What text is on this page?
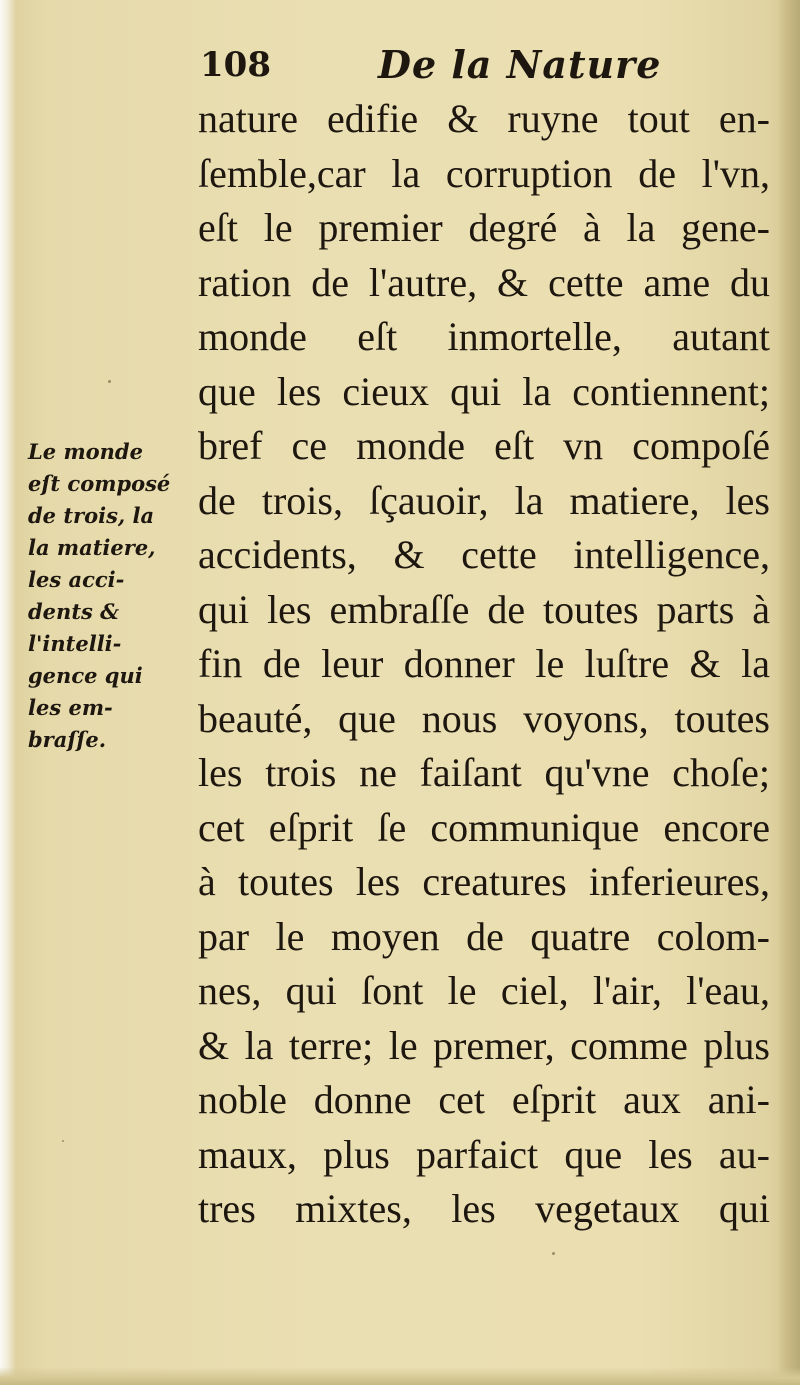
108	De la Nature
nature edifie & ruyne tout en-
ſemble,car la corruption de l'vn,
eſt le premier degré à la gene-
ration de l'autre, & cette ame du
monde eſt inmortelle, autant
que les cieux qui la contiennent;
bref ce monde eſt vn compoſé
de trois, ſçauoir, la matiere, les
accidents, & cette intelligence,
qui les embraſſe de toutes parts à
fin de leur donner le luſtre & la
beauté, que nous voyons, toutes
les trois ne faiſant qu'vne choſe;
cet eſprit ſe communique encore
à toutes les creatures inferieures,
par le moyen de quatre colom-
nes, qui ſont le ciel, l'air, l'eau,
& la terre; le premer, comme plus
noble donne cet eſprit aux ani-
maux, plus parfaict que les au-
tres mixtes, les vegetaux qui
Le monde
eſt composé
de trois, la
la matiere,
les acci-
dents &
l'intelli-
gence qui
les em-
braſſe.
